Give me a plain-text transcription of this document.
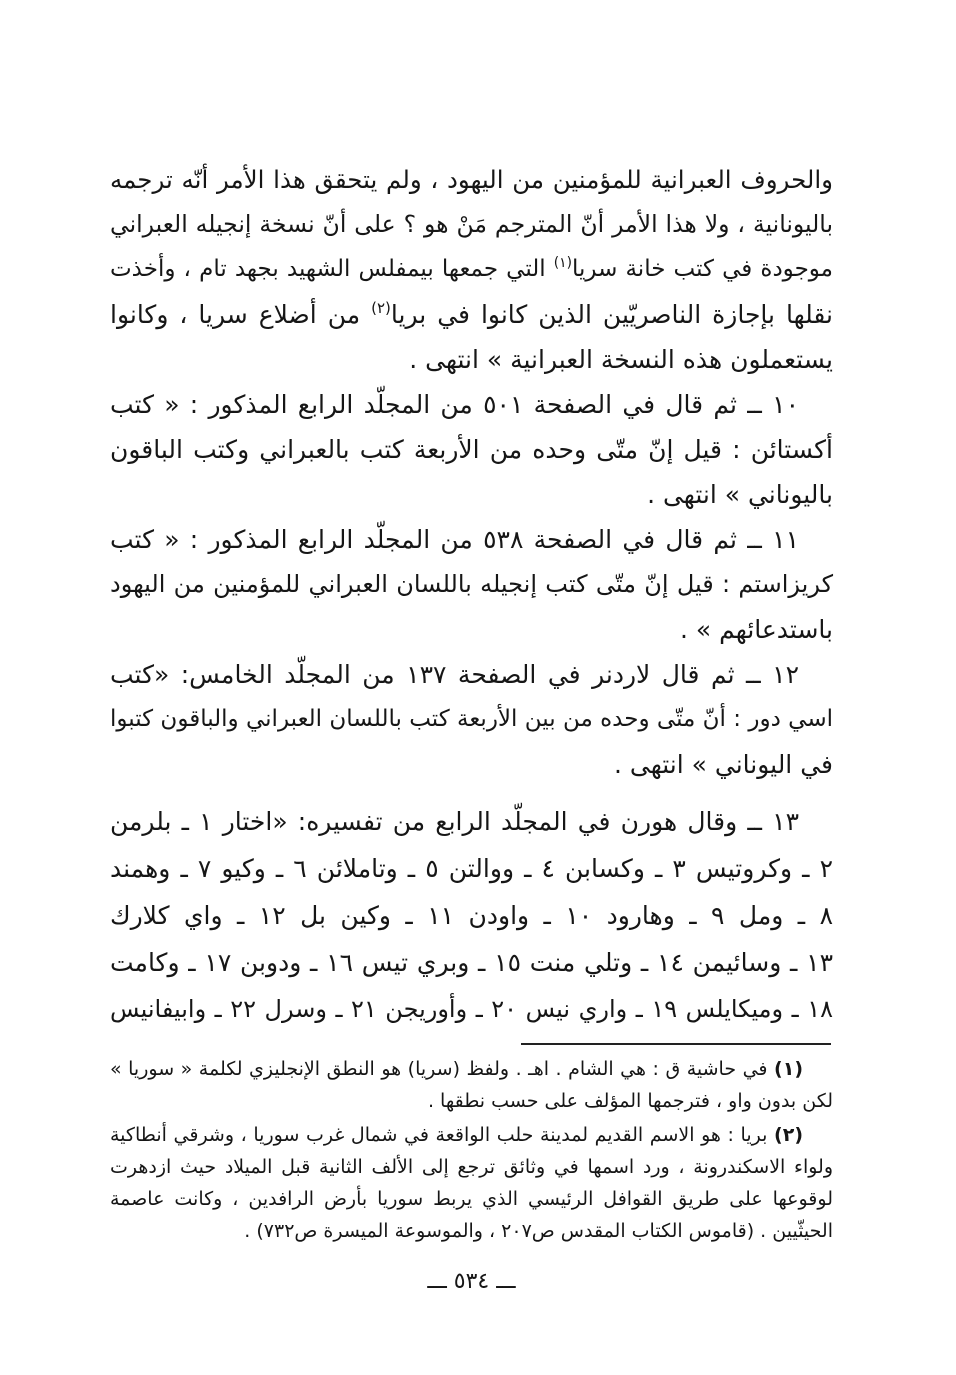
والحروف العبرانية للمؤمنين من اليهود ، ولم يتحقق هذا الأمر أنّه ترجمه
باليونانية ، ولا هذا الأمر أنّ المترجم مَنْ هو ؟ على أنّ نسخة إنجيله العبراني
موجودة في كتب خانة سريا$^{(١)}$ التي جمعها بيمفلس الشهيد بجهد تام ، وأخذت
نقلها بإجازة الناصريّين الذين كانوا في بريا$^{(٢)}$ من أضلاع سريا ، وكانوا
يستعملون هذه النسخة العبرانية » انتهى .
١٠ ــ ثم قال في الصفحة ٥٠١ من المجلّد الرابع المذكور : « كتب
أكستائن : قيل إنّ متّى وحده من الأربعة كتب بالعبراني وكتب الباقون
باليوناني » انتهى .
١١ ــ ثم قال في الصفحة ٥٣٨ من المجلّد الرابع المذكور : « كتب
كريزاستم : قيل إنّ متّى كتب إنجيله باللسان العبراني للمؤمنين من اليهود
باستدعائهم » .
١٢ ــ ثم قال لاردنر في الصفحة ١٣٧ من المجلّد الخامس: «كتب
اسي دور : أنّ متّى وحده من بين الأربعة كتب باللسان العبراني والباقون كتبوا
في اليوناني » انتهى .
١٣ ــ وقال هورن في المجلّد الرابع من تفسيره: «اختار ١ ـ بلرمن
٢ ـ وكروتيس ٣ ـ وكسابن ٤ ـ ووالتن ٥ ـ وتاملائن ٦ ـ وكيو ٧ ـ وهمند
٨ ـ ومل ٩ ـ وهارود ١٠ ـ واودن ١١ ـ وكين بل ١٢ ـ واي كلارك
١٣ ـ وسائيمن ١٤ ـ وتلي منت ١٥ ـ وبري تيس ١٦ ـ ودوبن ١٧ ـ وكامت
١٨ ـ وميكايلس ١٩ ـ واري نيس ٢٠ ـ وأوريجن ٢١ ـ وسرل ٢٢ ـ وابيفانيس
(١) في حاشية ق : هي الشام . اهـ . ولفظ (سريا) هو النطق الإنجليزي لكلمة « سوريا »
لكن بدون واو ، فترجمها المؤلف على حسب نطقها .
(٢) بريا : هو الاسم القديم لمدينة حلب الواقعة في شمال غرب سوريا ، وشرقي أنطاكية
ولواء الاسكندرونة ، ورد اسمها في وثائق ترجع إلى الألف الثانية قبل الميلاد حيث ازدهرت
لوقوعها على طريق القوافل الرئيسي الذي يربط سوريا بأرض الرافدين ، وكانت عاصمة
الحيثّيين . (قاموس الكتاب المقدس ص٢٠٧ ، والموسوعة الميسرة ص٧٣٢) .
ـــ ٥٣٤ ـــ
